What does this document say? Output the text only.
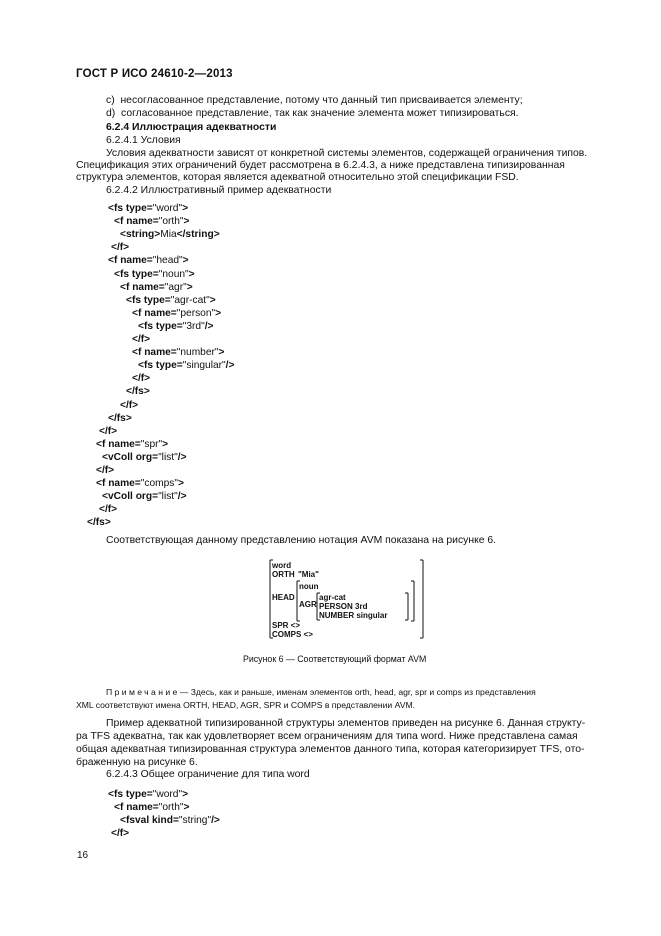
ГОСТ Р ИСО 24610-2—2013
c) несогласованное представление, потому что данный тип присваивается элементу;
d) согласованное представление, так как значение элемента может типизироваться.
6.2.4 Иллюстрация адекватности
6.2.4.1 Условия
Условия адекватности зависят от конкретной системы элементов, содержащей ограничения типов.
Спецификация этих ограничений будет рассмотрена в 6.2.4.3, а ниже представлена типизированная
структура элементов, которая является адекватной относительно этой спецификации FSD.
6.2.4.2 Иллюстративный пример адекватности
<fs type="word">
<f name="orth">
<string>Mia</string>
</f>
<f name="head">
<fs type="noun">
<f name="agr">
<fs type="agr-cat">
<f name="person">
<fs type="3rd"/>
</f>
<f name="number">
<fs type="singular"/>
</f>
</fs>
</f>
</fs>
</f>
<f name="spr">
<vColl org="list"/>
</f>
<f name="comps">
<vColl org="list"/>
</f>
</fs>
Соответствующая данному представлению нотация AVM показана на рисунке 6.
word
ORTH "Mia"
HEAD
noun
AGR
agr-cat
PERSON 3rd
NUMBER singular
SPR <>
COMPS <>
Рисунок 6 — Соответствующий формат AVM
Примечание— Здесь, как и раньше, именам элементов orth, head, agr, spr и comps из представления
XML соответствуют имена ORTH, HEAD, AGR, SPR и COMPS в представлении AVM.
Пример адекватной типизированной структуры элементов приведен на рисунке 6. Данная структу-
ра TFS адекватна, так как удовлетворяет всем ограничениям для типа word. Ниже представлена самая
общая адекватная типизированная структура элементов данного типа, которая категоризирует TFS, ото-
браженную на рисунке 6.
6.2.4.3 Общее ограничение для типа word
<fs type="word">
<f name="orth">
<fsval kind="string"/>
</f>
16
